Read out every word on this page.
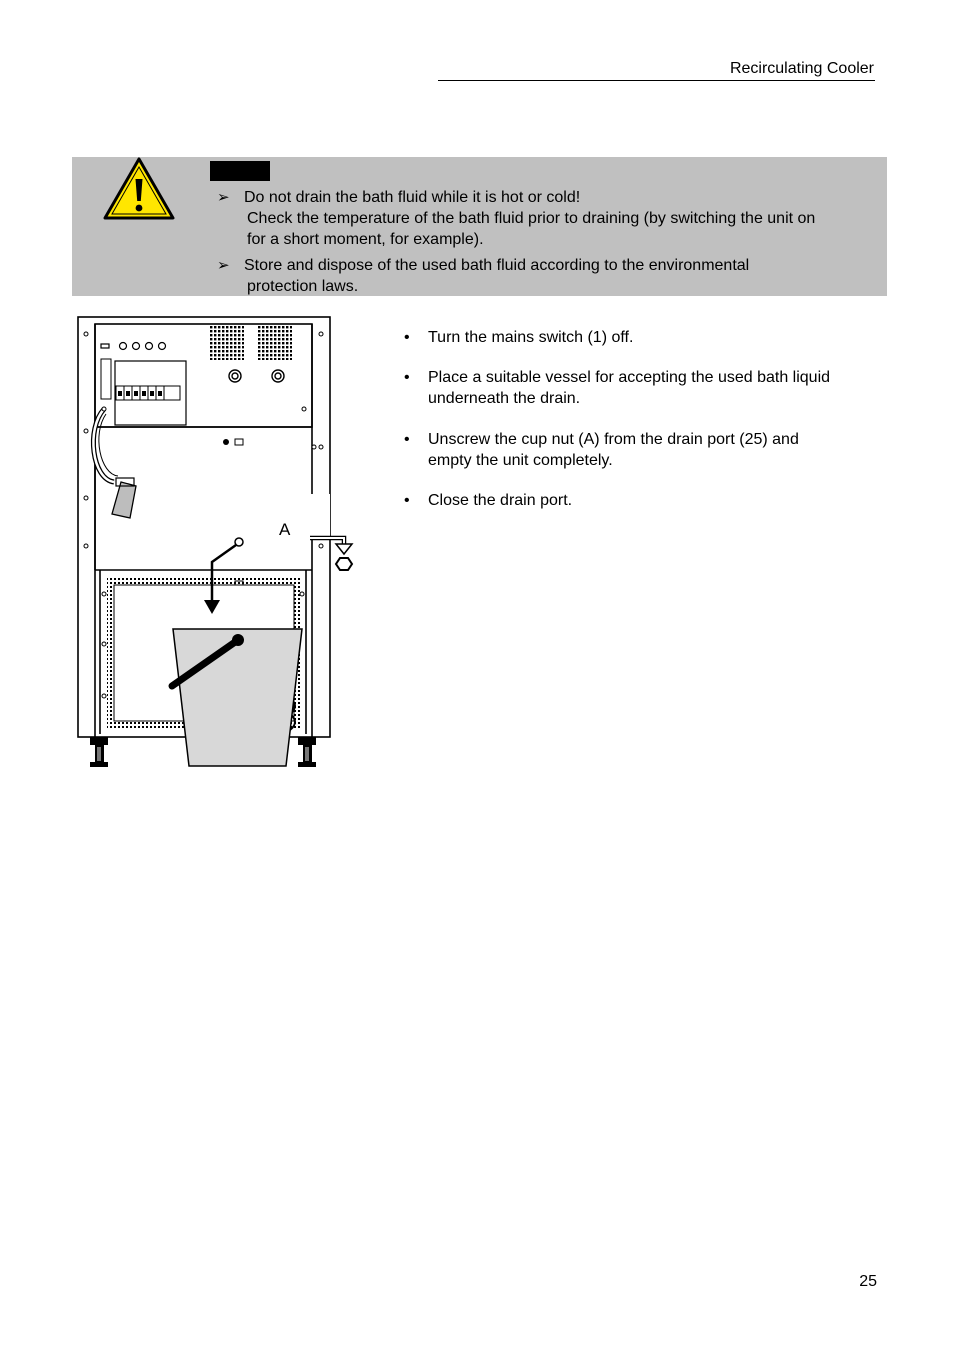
Recirculating Cooler
➢ Do not drain the bath fluid while it is hot or cold!
Check the temperature of the bath fluid prior to draining (by switching the unit on
for a short moment, for example).
➢ Store and dispose of the used bath fluid according to the environmental
protection laws.
A
• Turn the mains switch (1) off.
• Place a suitable vessel for accepting the used bath liquid
underneath the drain.
• Unscrew the cup nut (A) from the drain port (25) and
empty the unit completely.
• Close the drain port.
25
